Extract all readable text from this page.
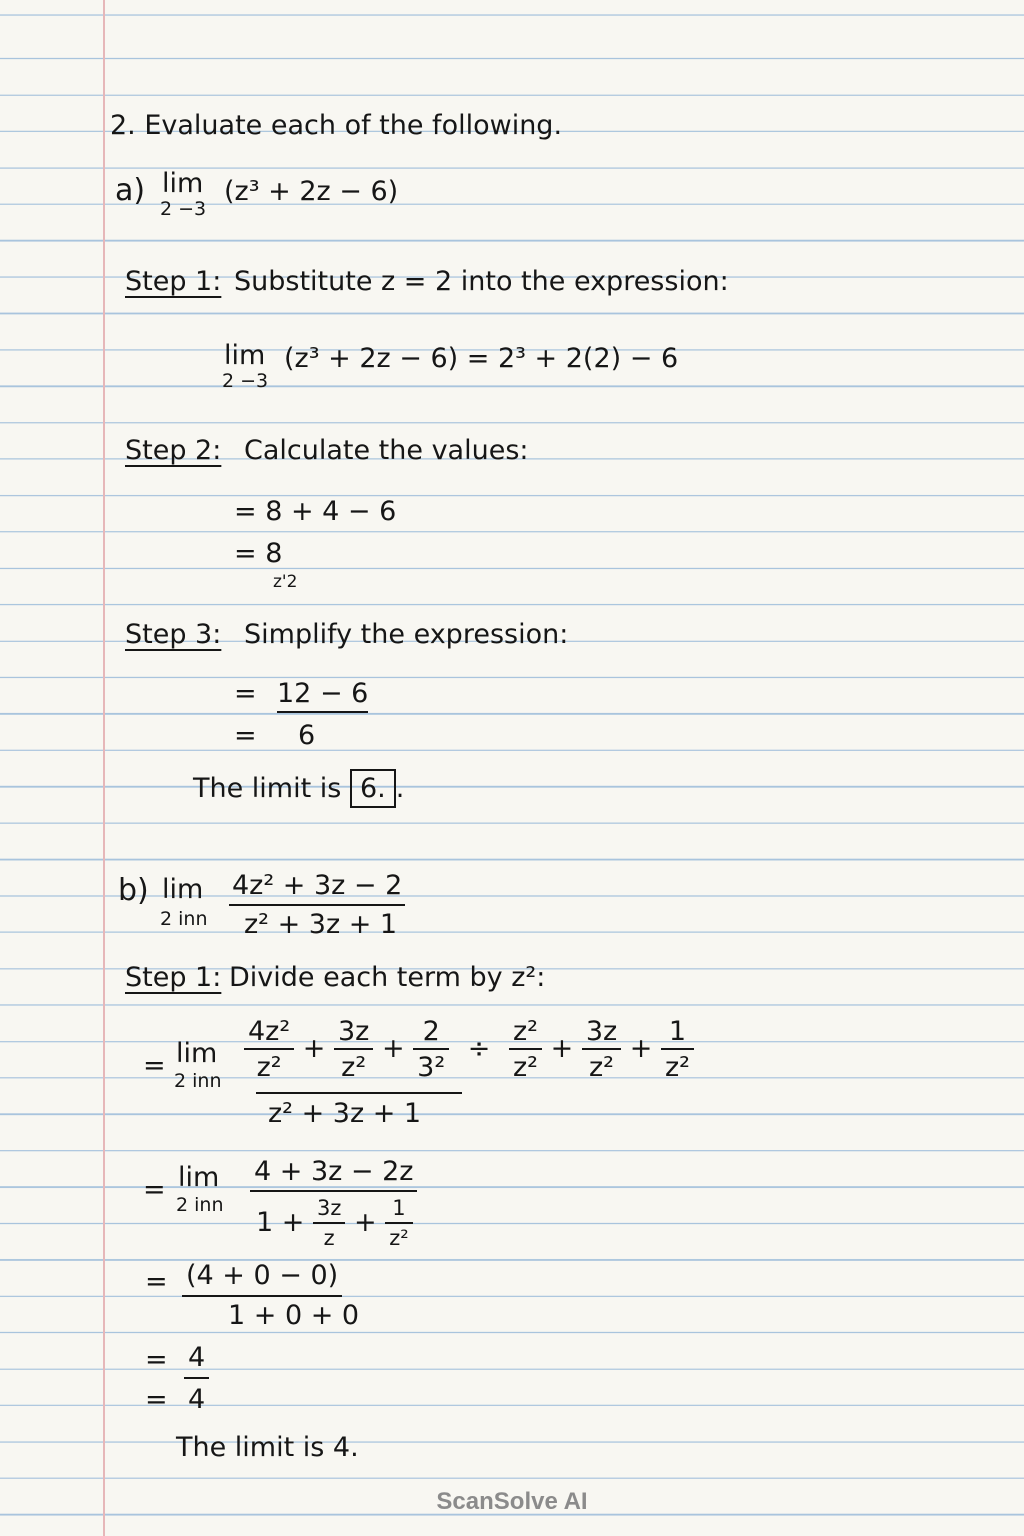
2. Evaluate each of the following.
a) lim
2 −3
(z³ + 2z − 6)
Step 1: Substitute z = 2 into the expression:
lim
2 −3
(z³ + 2z − 6) = 2³ + 2(2) − 6
Step 2: Calculate the values:
= 8 + 4 − 6
= 8
z'2
Step 3: Simplify the expression:
= 12 − 6
= 6
The limit is 6. .
b) lim
2 inn
4z² + 3z − 2
z² + 3z + 1
Step 1: Divide each term by z²:
= lim
2 inn $\frac{\text{4z²}}{\text{z²}} + \frac{3z}{\text{z²}} + \frac{2}{\text{3²}} \div \frac{\text{z²}}{\text{z²}} + \frac{3z}{\text{z²}} + \frac{1}{\text{z²}}$
z² + 3z + 1
= lim
2 inn
4 + 3z − 2z
$1 + \frac{3z}{z} + \frac{1}{\text{z²}}$
= (4 + 0 − 0)
1 + 0 + 0
= 4
= 4
The limit is 4.
ScanSolve AI
